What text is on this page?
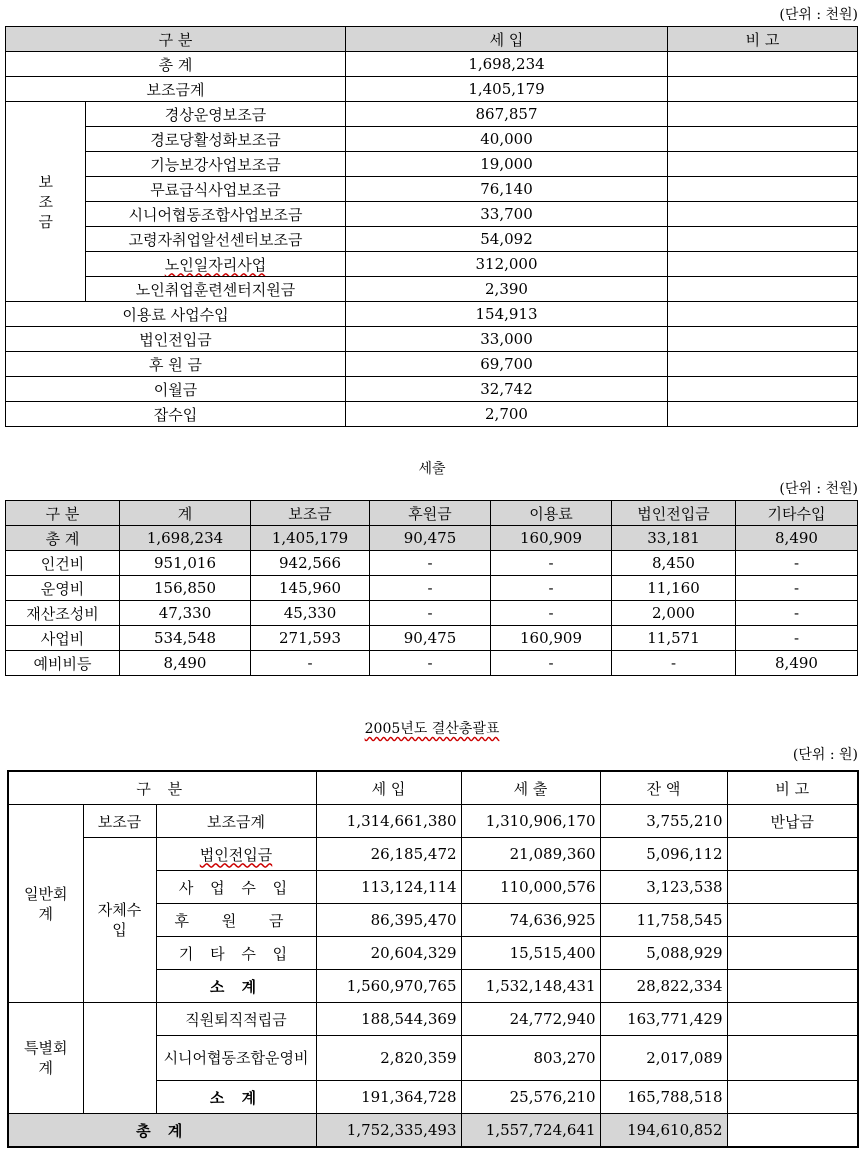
(단위 : 천원)
구 분		세 입	비 고
총 계		1,698,234	
보조금계		1,405,179	

보조금	경상운영보조금	867,857	
	경로당활성화보조금	40,000	
	기능보강사업보조금	19,000	
	무료급식사업보조금	76,140	
	시니어협동조합사업보조금	33,700	
	고령자취업알선센터보조금	54,092	
	노인일자리사업	312,000	
	노인취업훈련센터지원금	2,390	
이용료 사업수입		154,913	
법인전입금		33,000	
후 원 금		69,700	
이월금		32,742	
잡수입		2,700	
세출
(단위 : 천원)
구 분	계	보조금	후원금	이용료	법인전입금	기타수입
총 계	1,698,234	1,405,179	90,475	160,909	33,181	8,490
인건비	951,016	942,566	-	-	8,450	-
운영비	156,850	145,960	-	-	11,160	-
재산조성비	47,330	45,330	-	-	2,000	-
사업비	534,548	271,593	90,475	160,909	11,571	-
예비비등	8,490	-	-	-	-	8,490
2005년도 결산총괄표
(단위 : 원)
구 분			세 입	세 출	잔 액	비 고

일반회계	보조금	보조금계	1,314,661,380	1,310,906,170	3,755,210	반납금

	자체수입	법인전입금	26,185,472	21,089,360	5,096,112	
		사 업 수 입	113,124,114	110,000,576	3,123,538	
		후 원 금	86,395,470	74,636,925	11,758,545	
		기 타 수 입	20,604,329	15,515,400	5,088,929	
		소 계	1,560,970,765	1,532,148,431	28,822,334	

특별회계		직원퇴직적립금	188,544,369	24,772,940	163,771,429	

		시니어협동조합운영비	2,820,359	803,270	2,017,089	
		소 계	191,364,728	25,576,210	165,788,518	
총 계			1,752,335,493	1,557,724,641	194,610,852	
